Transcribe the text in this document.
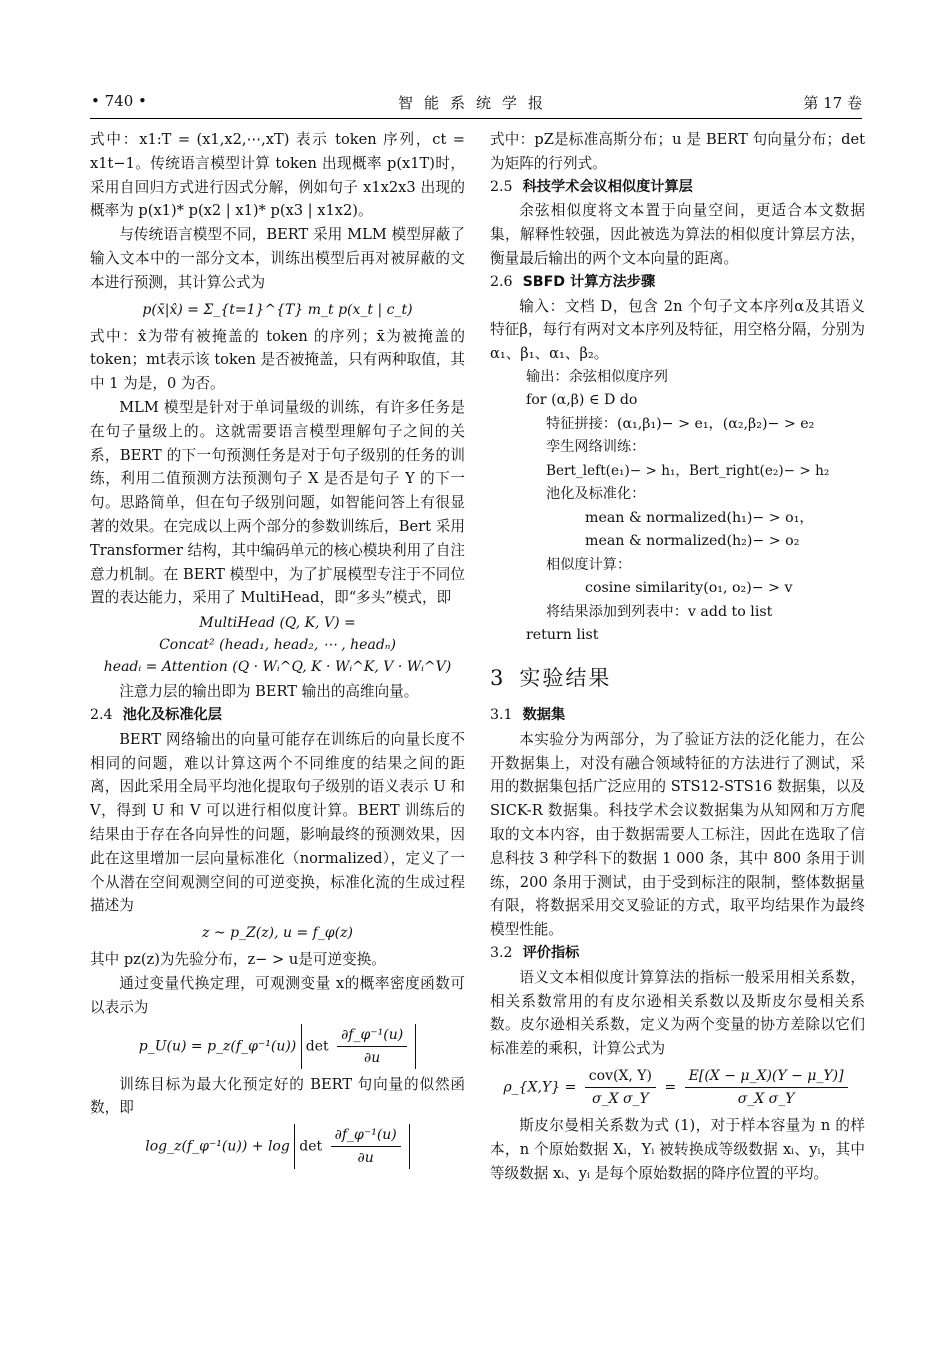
• 740 •	智能系统学报	第 17 卷

式中：x1:T = (x1,x2,⋯,xT) 表示 token 序列，ct = x1t−1。传统语言模型计算 token 出现概率 p(x1T)时，采用自回归方式进行因式分解，例如句子 x1x2x3 出现的概率为 p(x1)* p(x2 | x1)* p(x3 | x1x2)。

与传统语言模型不同，BERT 采用 MLM 模型屏蔽了输入文本中的一部分文本，训练出模型后再对被屏蔽的文本进行预测，其计算公式为

p(x̄|x̂) = Σ_{t=1}^{T} m_t p(x_t | c_t)

式中：x̂为带有被掩盖的 token 的序列；x̄为被掩盖的 token；mt表示该 token 是否被掩盖，只有两种取值，其中 1 为是，0 为否。

MLM 模型是针对于单词量级的训练，有许多任务是在句子量级上的。这就需要语言模型理解句子之间的关系，BERT 的下一句预测任务是对于句子级别的任务的训练，利用二值预测方法预测句子 X 是否是句子 Y 的下一句。思路简单，但在句子级别问题，如智能问答上有很显著的效果。在完成以上两个部分的参数训练后，Bert 采用 Transformer 结构，其中编码单元的核心模块利用了自注意力机制。在 BERT 模型中，为了扩展模型专注于不同位置的表达能力，采用了 MultiHead，即“多头”模式，即

MultiHead (Q, K, V) =
Concat² (head₁, head₂, ⋯ , headₙ)
headᵢ = Attention (Q · Wᵢ^Q, K · Wᵢ^K, V · Wᵢ^V)

注意力层的输出即为 BERT 输出的高维向量。

2.4 池化及标准化层

BERT 网络输出的向量可能存在训练后的向量长度不相同的问题，难以计算这两个不同维度的结果之间的距离，因此采用全局平均池化提取句子级别的语义表示 U 和 V，得到 U 和 V 可以进行相似度计算。BERT 训练后的结果由于存在各向异性的问题，影响最终的预测效果，因此在这里增加一层向量标准化（normalized），定义了一个从潜在空间观测空间的可逆变换，标准化流的生成过程描述为

z ~ p_Z(z), u = f_φ(z)

其中 pz(z)为先验分布，z− > u是可逆变换。

通过变量代换定理，可观测变量 x的概率密度函数可以表示为

p_U(u) = p_z(f_φ⁻¹(u)) $\det \frac{\text{∂f\_φ⁻¹(u)}}{\partial u}$

训练目标为最大化预定好的 BERT 句向量的似然函数，即

log_z(f_φ⁻¹(u)) + $\log \det \frac{\text{∂f\_φ⁻¹(u)}}{\partial u}$

式中：pZ是标准高斯分布；u 是 BERT 句向量分布；det 为矩阵的行列式。

2.5 科技学术会议相似度计算层

余弦相似度将文本置于向量空间，更适合本文数据集，解释性较强，因此被选为算法的相似度计算层方法，衡量最后输出的两个文本向量的距离。

2.6 SBFD 计算方法步骤

输入：文档 D，包含 2n 个句子文本序列α及其语义特征β，每行有两对文本序列及特征，用空格分隔，分别为α₁、β₁、α₁、β₂。

输出：余弦相似度序列
for (α,β) ∈ D do
特征拼接：(α₁,β₁)− > e₁，(α₂,β₂)− > e₂
孪生网络训练：
Bert_left(e₁)− > h₁，Bert_right(e₂)− > h₂
池化及标准化：
mean & normalized(h₁)− > o₁，
mean & normalized(h₂)− > o₂
相似度计算：
cosine similarity(o₁, o₂)− > v
将结果添加到列表中：v add to list
return list
3 实验结果
3.1 数据集

本实验分为两部分，为了验证方法的泛化能力，在公开数据集上，对没有融合领域特征的方法进行了测试，采用的数据集包括广泛应用的 STS12-STS16 数据集，以及 SICK-R 数据集。科技学术会议数据集为从知网和万方爬取的文本内容，由于数据需要人工标注，因此在选取了信息科技 3 种学科下的数据 1 000 条，其中 800 条用于训练，200 条用于测试，由于受到标注的限制，整体数据量有限，将数据采用交叉验证的方式，取平均结果作为最终模型性能。

3.2 评价指标

语义文本相似度计算算法的指标一般采用相关系数，相关系数常用的有皮尔逊相关系数以及斯皮尔曼相关系数。皮尔逊相关系数，定义为两个变量的协方差除以它们标准差的乘积，计算公式为

ρ_{X,Y} = $\frac{\text{cov(X, Y)}}{\text{σ\_X σ\_Y}} = \frac{E[(X - \mu\_X)(Y - \mu\_Y)]}{\text{σ\_X σ\_Y}}$

斯皮尔曼相关系数为式 (1)，对于样本容量为 n 的样本，n 个原始数据 Xᵢ，Yᵢ 被转换成等级数据 xᵢ、yᵢ，其中等级数据 xᵢ、yᵢ 是每个原始数据的降序位置的平均。
